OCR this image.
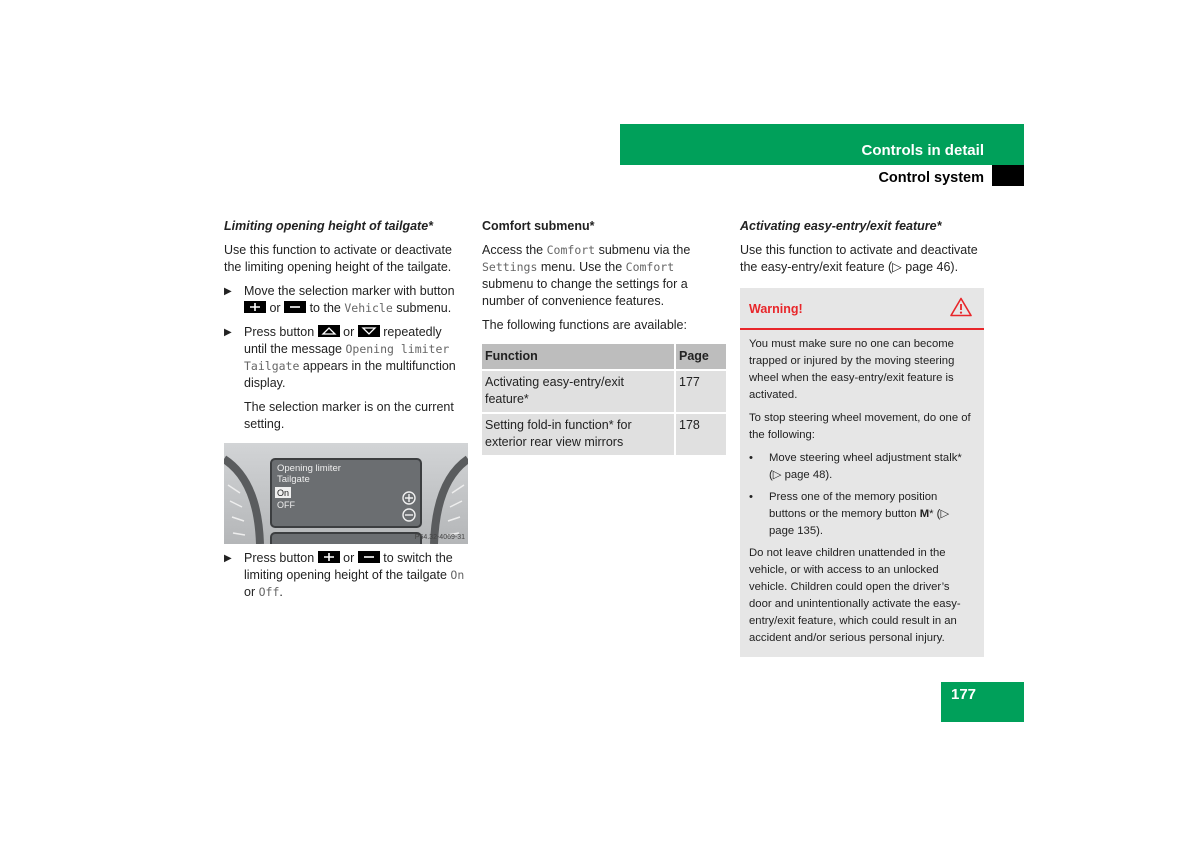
Controls in detail
Control system
Limiting opening height of tailgate*

Use this function to activate or deactivate the limiting opening height of the tailgate.

▶ Move the selection marker with button
or to the Vehicle submenu.
▶ Press button or repeatedly until the message Opening limiter Tailgate appears in the multifunction display.
The selection marker is on the current setting.
Opening limiter
Tailgate
On
OFF
P54.32-4069-31
▶ Press button or to switch the limiting opening height of the tailgate On or Off.
Comfort submenu*

Access the Comfort submenu via the Settings menu. Use the Comfort submenu to change the settings for a number of convenience features.

The following functions are available:

Function	Page
Activating easy-entry/exit feature*	177
Setting fold-in function* for exterior rear view mirrors	178
Activating easy-entry/exit feature*

Use this function to activate and deactivate the easy-entry/exit feature (▷ page 46).

Warning!

You must make sure no one can become trapped or injured by the moving steering wheel when the easy-entry/exit feature is activated.

To stop steering wheel movement, do one of the following:

• Move steering wheel adjustment stalk* (▷ page 48).
• Press one of the memory position buttons or the memory button M* (▷ page 135).

Do not leave children unattended in the vehicle, or with access to an unlocked vehicle. Children could open the driver’s door and unintentionally activate the easy-entry/exit feature, which could result in an accident and/or serious personal injury.

177
